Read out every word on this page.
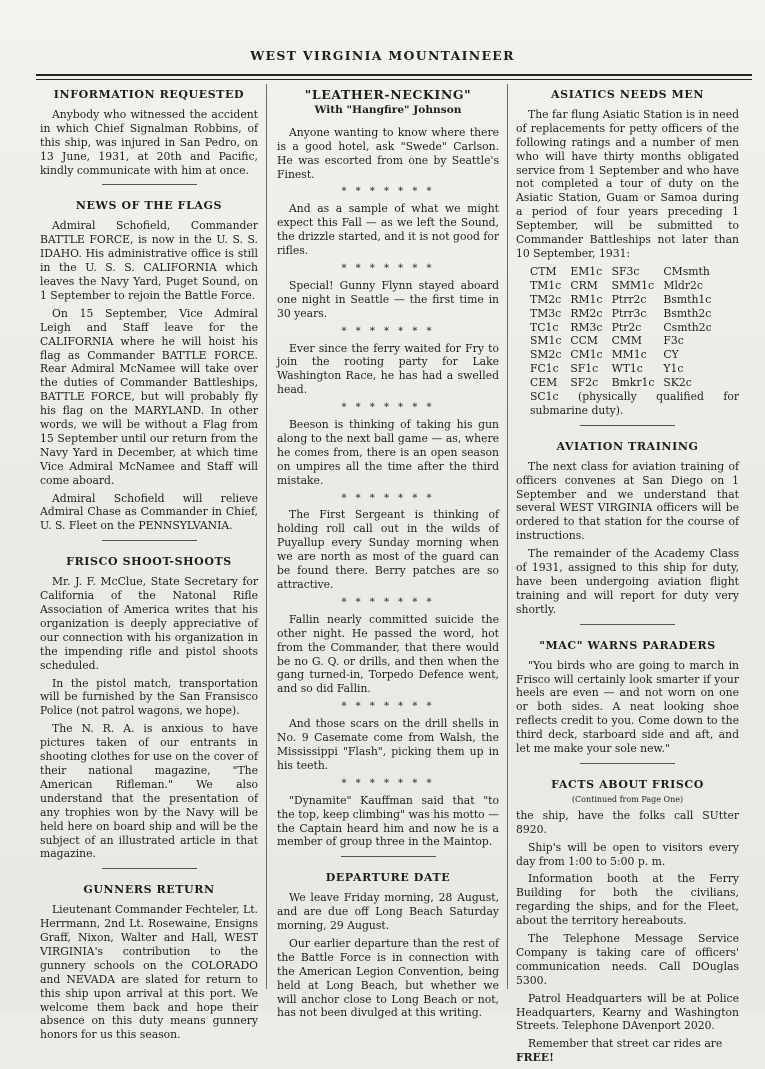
WEST VIRGINIA MOUNTAINEER
INFORMATION REQUESTED

Anybody who witnessed the accident in which Chief Signalman Robbins, of this ship, was injured in San Pedro, on 13 June, 1931, at 20th and Pacific, kindly communicate with him at once.

NEWS OF THE FLAGS

Admiral Schofield, Commander BATTLE FORCE, is now in the U. S. S. IDAHO. His administrative office is still in the U. S. S. CALIFORNIA which leaves the Navy Yard, Puget Sound, on 1 September to rejoin the Battle Force.

On 15 September, Vice Admiral Leigh and Staff leave for the CALIFORNIA where he will hoist his flag as Commander BATTLE FORCE. Rear Admiral McNamee will take over the duties of Commander Battleships, BATTLE FORCE, but will probably fly his flag on the MARYLAND. In other words, we will be without a Flag from 15 September until our return from the Navy Yard in December, at which time Vice Admiral McNamee and Staff will come aboard.

Admiral Schofield will relieve Admiral Chase as Commander in Chief, U. S. Fleet on the PENNSYLVANIA.

FRISCO SHOOT-SHOOTS

Mr. J. F. McClue, State Secretary for California of the Natonal Rifle Association of America writes that his organization is deeply appreciative of our connection with his organization in the impending rifle and pistol shoots scheduled.

In the pistol match, transportation will be furnished by the San Fransisco Police (not patrol wagons, we hope).

The N. R. A. is anxious to have pictures taken of our entrants in shooting clothes for use on the cover of their national magazine, "The American Rifleman." We also understand that the presentation of any trophies won by the Navy will be held here on board ship and will be the subject of an illustrated article in that magazine.

GUNNERS RETURN

Lieutenant Commander Fechteler, Lt. Herrmann, 2nd Lt. Rosewaine, Ensigns Graff, Nixon, Walter and Hall, WEST VIRGINIA's contribution to the gunnery schools on the COLORADO and NEVADA are slated for return to this ship upon arrival at this port. We welcome them back and hope their absence on this duty means gunnery honors for us this season.

"LEATHER-NECKING"
With "Hangfire" Johnson

Anyone wanting to know where there is a good hotel, ask "Swede" Carlson. He was escorted from one by Seattle's Finest.

* * * * * * *

And as a sample of what we might expect this Fall — as we left the Sound, the drizzle started, and it is not good for rifles.

* * * * * * *

Special! Gunny Flynn stayed aboard one night in Seattle — the first time in 30 years.

* * * * * * *

Ever since the ferry waited for Fry to join the rooting party for Lake Washington Race, he has had a swelled head.

* * * * * * *

Beeson is thinking of taking his gun along to the next ball game — as, where he comes from, there is an open season on umpires all the time after the third mistake.

* * * * * * *

The First Sergeant is thinking of holding roll call out in the wilds of Puyallup every Sunday morning when we are north as most of the guard can be found there. Berry patches are so attractive.

* * * * * * *

Fallin nearly committed suicide the other night. He passed the word, hot from the Commander, that there would be no G. Q. or drills, and then when the gang turned-in, Torpedo Defence went, and so did Fallin.

* * * * * * *

And those scars on the drill shells in No. 9 Casemate come from Walsh, the Mississippi "Flash", picking them up in his teeth.

* * * * * * *

"Dynamite" Kauffman said that "to the top, keep climbing" was his motto — the Captain heard him and now he is a member of group three in the Maintop.

DEPARTURE DATE

We leave Friday morning, 28 August, and are due off Long Beach Saturday morning, 29 August.

Our earlier departure than the rest of the Battle Force is in connection with the American Legion Convention, being held at Long Beach, but whether we will anchor close to Long Beach or not, has not been divulged at this writing.

ASIATICS NEEDS MEN

The far flung Asiatic Station is in need of replacements for petty officers of the following ratings and a number of men who will have thirty months obligated service from 1 September and who have not completed a tour of duty on the Asiatic Station, Guam or Samoa during a period of four years preceding 1 September, will be submitted to Commander Battleships not later than 10 September, 1931:

CTM	EM1c	SF3c	CMsmth
TM1c	CRM	SMM1c	Mldr2c
TM2c	RM1c	Ptrr2c	Bsmth1c
TM3c	RM2c	Ptrr3c	Bsmth2c
TC1c	RM3c	Ptr2c	Csmth2c
SM1c	CCM	CMM	F3c
SM2c	CM1c	MM1c	CY
FC1c	SF1c	WT1c	Y1c
CEM	SF2c	Bmkr1c	SK2c

SC1c (physically qualified for submarine duty).

AVIATION TRAINING

The next class for aviation training of officers convenes at San Diego on 1 September and we understand that several WEST VIRGINIA officers will be ordered to that station for the course of instructions.

The remainder of the Academy Class of 1931, assigned to this ship for duty, have been undergoing aviation flight training and will report for duty very shortly.

"MAC" WARNS PARADERS

"You birds who are going to march in Frisco will certainly look smarter if your heels are even — and not worn on one or both sides. A neat looking shoe reflects credit to you. Come down to the third deck, starboard side and aft, and let me make your sole new."

FACTS ABOUT FRISCO
(Continued from Page One)

the ship, have the folks call SUtter 8920.

Ship's will be open to visitors every day from 1:00 to 5:00 p. m.

Information booth at the Ferry Building for both the civilians, regarding the ships, and for the Fleet, about the territory hereabouts.

The Telephone Message Service Company is taking care of officers' communication needs. Call DOuglas 5300.

Patrol Headquarters will be at Police Headquarters, Kearny and Washington Streets. Telephone DAvenport 2020.

Remember that street car rides are
FREE!
